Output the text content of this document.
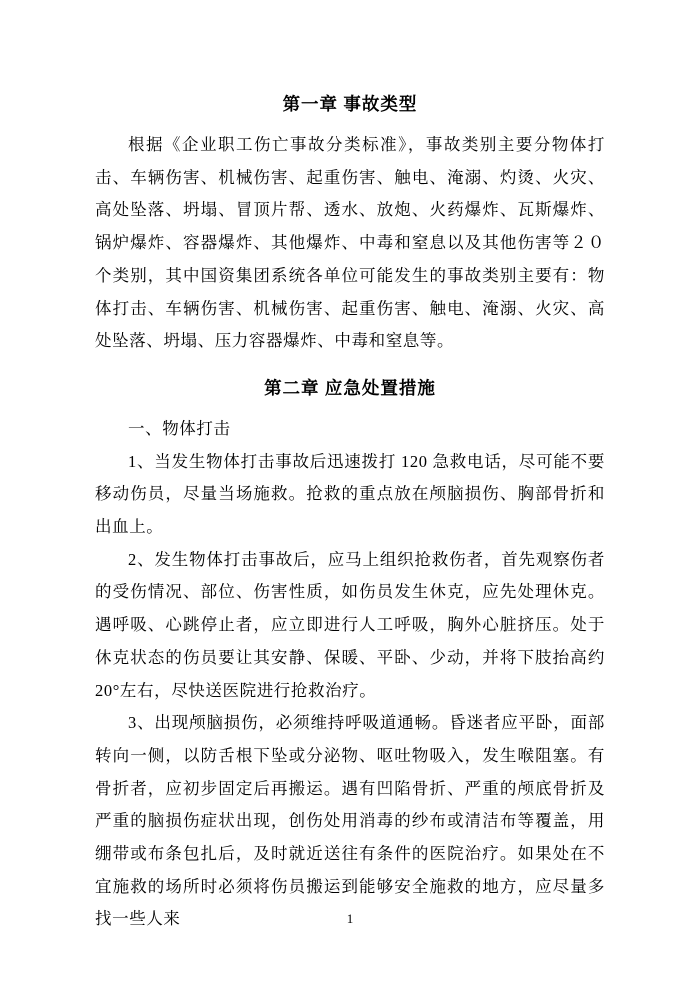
第一章 事故类型

根据《企业职工伤亡事故分类标准》，事故类别主要分物体打击、车辆伤害、机械伤害、起重伤害、触电、淹溺、灼烫、火灾、高处坠落、坍塌、冒顶片帮、透水、放炮、火药爆炸、瓦斯爆炸、锅炉爆炸、容器爆炸、其他爆炸、中毒和窒息以及其他伤害等２０个类别，其中国资集团系统各单位可能发生的事故类别主要有：物体打击、车辆伤害、机械伤害、起重伤害、触电、淹溺、火灾、高处坠落、坍塌、压力容器爆炸、中毒和窒息等。

第二章 应急处置措施

一、物体打击

1、当发生物体打击事故后迅速拨打 120 急救电话，尽可能不要移动伤员，尽量当场施救。抢救的重点放在颅脑损伤、胸部骨折和出血上。

2、发生物体打击事故后，应马上组织抢救伤者，首先观察伤者的受伤情况、部位、伤害性质，如伤员发生休克，应先处理休克。遇呼吸、心跳停止者，应立即进行人工呼吸，胸外心脏挤压。处于休克状态的伤员要让其安静、保暖、平卧、少动，并将下肢抬高约 20°左右，尽快送医院进行抢救治疗。

3、出现颅脑损伤，必须维持呼吸道通畅。昏迷者应平卧，面部转向一侧，以防舌根下坠或分泌物、呕吐物吸入，发生喉阻塞。有骨折者，应初步固定后再搬运。遇有凹陷骨折、严重的颅底骨折及严重的脑损伤症状出现，创伤处用消毒的纱布或清洁布等覆盖，用绷带或布条包扎后，及时就近送往有条件的医院治疗。如果处在不宜施救的场所时必须将伤员搬运到能够安全施救的地方，应尽量多找一些人来	1
